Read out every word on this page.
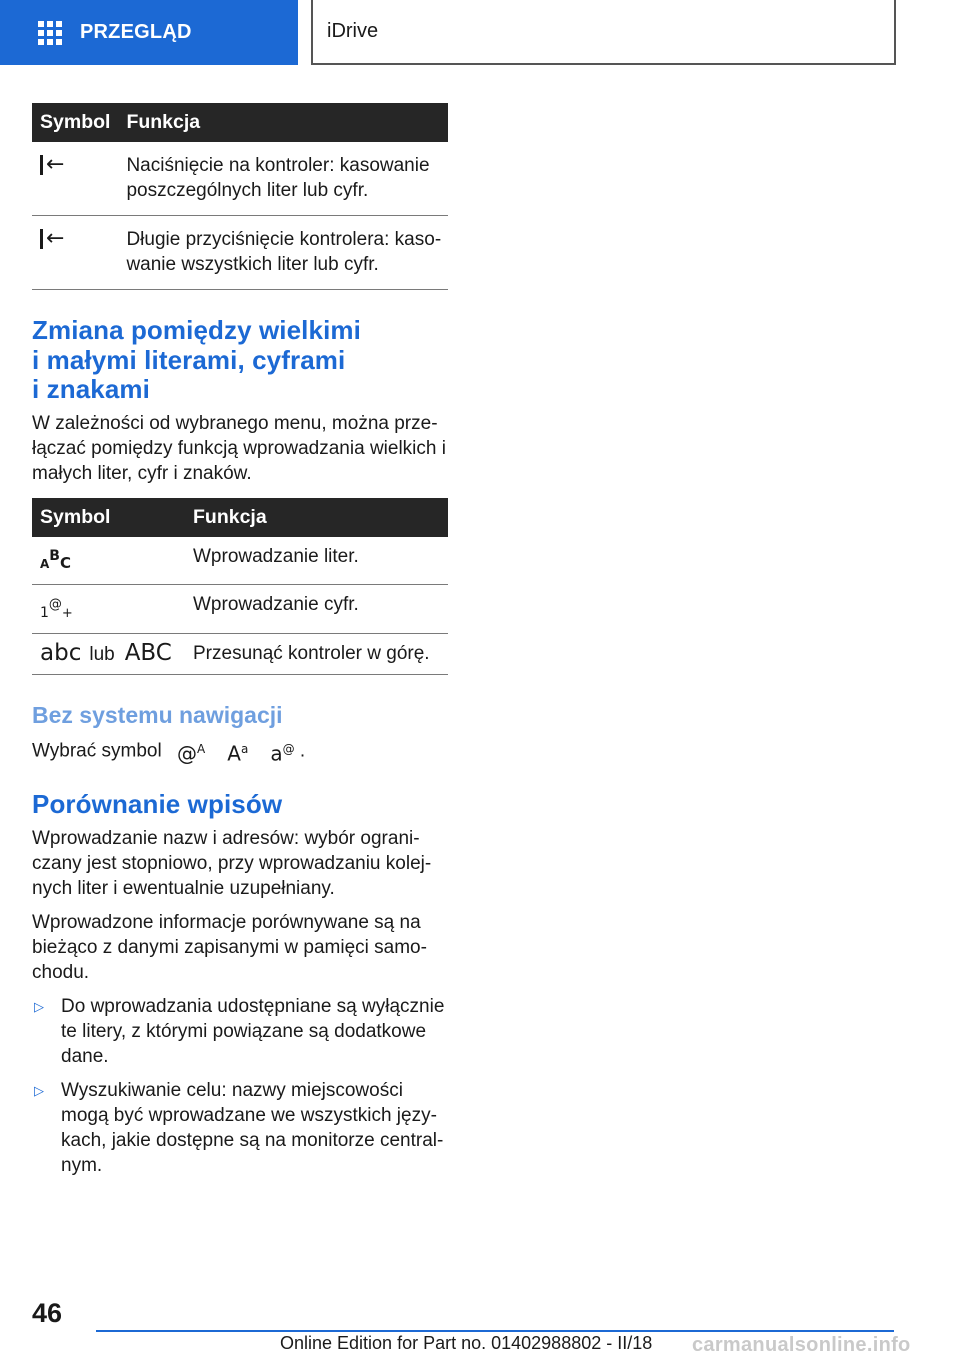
PRZEGLĄD	iDrive
Symbol	Funkcja

←	Naciśnięcie na kontroler: kasowanie poszczególnych liter lub cyfr.

←	Długie przyciśnięcie kontrolera: kasowanie wszystkich liter lub cyfr.
Zmiana pomiędzy wielkimi
i małymi literami, cyframi
i znakami

W zależności od wybranego menu, można przełączać pomiędzy funkcją wprowadzania wielkich i małych liter, cyfr i znaków.

Symbol	Funkcja
ABC	Wprowadzanie liter.
1@+	Wprowadzanie cyfr.
abc lub ABC	Przesunąć kontroler w górę.
Bez systemu nawigacji

Wybrać symbol @$^A$ $A^a$ a@ .

Porównanie wpisów

Wprowadzanie nazw i adresów: wybór ograniczany jest stopniowo, przy wprowadzaniu kolejnych liter i ewentualnie uzupełniany.

Wprowadzone informacje porównywane są na bieżąco z danymi zapisanymi w pamięci samochodu.

▷ Do wprowadzania udostępniane są wyłącznie te litery, z którymi powiązane są dodatkowe dane.
▷ Wyszukiwanie celu: nazwy miejscowości mogą być wprowadzane we wszystkich językach, jakie dostępne są na monitorze centralnym.
46
Online Edition for Part no. 01402988802 - II/18 carmanualsonline.info
